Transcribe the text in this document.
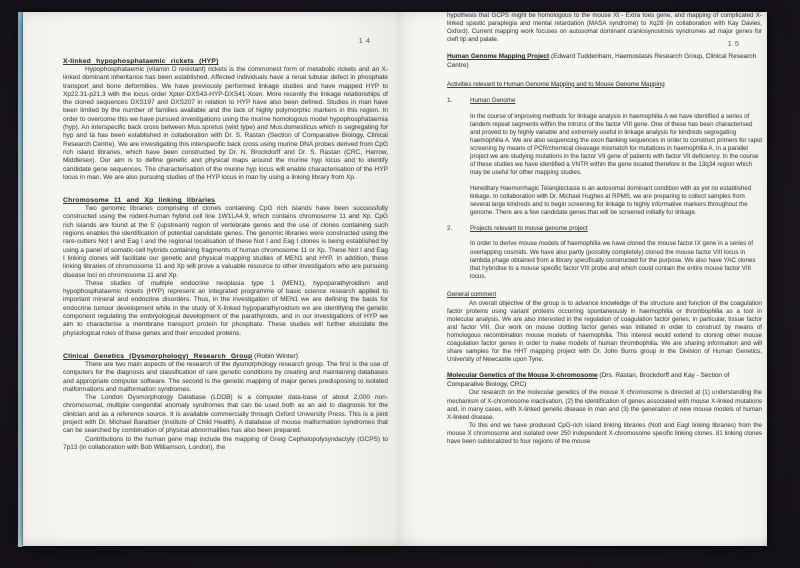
14
X-linked hypophosphataemic rickets (HYP)

Hypophosphataemic (vitamin D resistant) rickets is the commonest form of metabolic rickets and an X-linked dominant inheritance has been established. Affected individuals have a renal tubular defect in phosphate transport and bone deformities. We have previously performed linkage studies and have mapped HYP to Xp22.31-p21.3 with the locus order Xpter-DXS43-HYP-DXS41-Xcen. More recently the linkage relationships of the cloned sequences DXS197 and DXS207 in relation to HYP have also been defined. Studies in man have been limited by the number of families available and the lack of highly polymorphic markers in this region. In order to overcome this we have pursued investigations using the murine homologous model hypophosphataemia (hyp). An interspecific back cross between Mus.spretus (wild type) and Mus.domesticus which is segregating for hyp and ta has been established in collaboration with Dr. S. Rastan (Section of Comparative Biology, Clinical Research Centre). We are investigating this interspecific back cross using murine DNA probes derived from CpG rich island libraries, which have been constructed by Dr. N. Brockdorff and Dr. S. Rastan (CRC, Harrow, Middlesex). Our aim is to define genetic and physical maps around the murine hyp locus and to identify candidate gene sequences. The characterisation of the murine hyp locus will enable characterisation of the HYP locus in man. We are also pursuing studies of the HYP locus in man by using a linking library from Xp.

Chromosome 11 and Xp linking libraries

Two genomic libraries comprising of clones containing CpG rich islands have been successfully constructed using the rodent-human hybrid cell line 1W1LA4.9, which contains chromosome 11 and Xp. CpG rich islands are found at the 5' (upstream) region of vertebrate genes and the use of clones containing such regions enables the identification of potential candidate genes. The genomic libraries were constructed using the rare-cutters Not I and Eag I and the regional localisation of these Not I and Eag I clones is being established by using a panel of somatic-cell hybrids containing fragments of human chromosome 11 or Xp. These Not I and Eag I linking clones will facilitate our genetic and physical mapping studies of MEN1 and HYP. In addition, these linking libraries of chromosome 11 and Xp will prove a valuable resource to other investigators who are pursuing disease loci on chromosome 11 and Xp.

These studies of multiple endocrine neoplasia type 1 (MEN1), hypoparathyroidism and hypophosphataemic rickets (HYP) represent an integrated programme of basic science research applied to important mineral and endocrine disorders. Thus, in the investigation of MEN1 we are defining the basis for endocrine tumour development while in the study of X-linked hypoparathyroidism we are identifying the genetic component regulating the embryological development of the parathyroids, and in our investigations of HYP we aim to characterise a membrane transport protein for phosphate. These studies will further elucidate the physiological roles of these genes and their encoded proteins.

Clinical Genetics (Dysmorphology) Research Group (Robin Winter)

There are two main aspects of the research of the dysmorphology research group. The first is the use of computers for the diagnosis and classification of rare genetic conditions by creating and maintaining databases and appropriate computer software. The second is the genetic mapping of major genes predisposing to isolated malformations and malformation syndromes.

The London Dysmorphology Database (LDDB) is a computer data-base of about 2,000 non-chromosomal, multiple congenital anomaly syndromes that can be used both as an aid to diagnosis for the clinician and as a reference source. It is available commercially through Oxford University Press. This is a joint project with Dr. Michael Baraitser (Institute of Child Health). A database of mouse malformation syndromes that can be searched by combination of physical abnormalities has also been prepared.

Contributions to the human gene map include the mapping of Greig Cephalopolysyndactyly (GCPS) to 7p13 (in collaboration with Bob Williamson, London), the

15

hypothesis that GCPS might be homologous to the mouse Xt - Extra toes gene, and mapping of complicated X-linked spastic paraplegia and mental retardation (MASA syndrome) to Xq28 (in collaboration with Kay Davies, Oxford). Current mapping work focuses on autosomal dominant craniosynostosis syndromes ad major genes for cleft lip and palate.

Human Genome Mapping Project (Edward Tuddenham, Haemostasis Research Group, Clinical Research Centre)
Activities relevant to Human Genome Mapping and to Mouse Genome Mapping
1.	Human Genome

In the course of improving methods for linkage analysis in haemophilia A we have identified a series of tandem repeat segments within the introns of the factor VIII gene. One of these has been characterised and proved to by highly variable and extremely useful in linkage analysis for kindreds segregating haemophilia A. We are also sequencing the exon flanking sequences in order to construct primers for rapid screening by means of PCR/chemical cleavage mismatch for mutations in haemophilia A. In a parallel project we are studying mutations in the factor VII gene of patients with factor VII deficiency. In the course of these studies we have identified a VNTR within the gene located therefore in the 13q34 region which may be useful for other mapping studies.

Hereditary Haemorrhagic Telangiectasia is an autosomal dominant condition with as yet no established linkage. In collaboration with Dr. Michael Hughes at RPMS, we are preparing to collect samples from several large kindreds and to begin screening for linkage to highly informative markers throughout the genome. There are a few candidate genes that will be screened initially for linkage.

2.	Projects relevant to mouse genome project

In order to derive mouse models of haemophilia we have cloned the mouse factor IX gene in a series of overlapping cosmids. We have also partly (possibly completely) cloned the mouse factor VIII locus in lambda phage obtained from a library specifically constructed for the purpose. We also have YAC clones that hybridise to a mouse specific factor VIII probe and which could contain the entire mouse factor VIII locus.

General comment

An overall objective of the group is to advance knowledge of the structure and function of the coagulation factor proteins using variant proteins occurring spontaneously in haemophilia or thrombophilia as a tool in molecular analysis. We are also interested in the regulation of coagulation factor genes, in particular, tissue factor and factor VIII. Our work on mouse clotting factor genes was initiated in order to construct by means of homologous recombination mouse models of haemophilia. This interest would extend to cloning other mouse coagulation factor genes in order to make models of human thrombophilia. We are sharing information and will share samples for the HHT mapping project with Dr. John Burns group in the Division of Human Genetics, University of Newcastle upon Tyne.

Molecular Genetics of the Mouse X-chromosome (Drs. Rastan, Brockdorff and Kay - Section of Comparative Biology, CRC)

Our research on the molecular genetics of the mouse X chromosome is directed at (1) understanding the mechanism of X-chromosome inactivation, (2) the identification of genes associated with mouse X-linked mutations and, in many cases, with X-linked genetic disease in man and (3) the generation of new mouse models of human X-linked disease.

To this end we have produced CpG-rich island linking libraries (NotI and EagI linking libraries) from the mouse X chromosome and isolated over 250 independent X-chromosome specific linking clones. 81 linking clones have been sublocalized to four regions of the mouse
